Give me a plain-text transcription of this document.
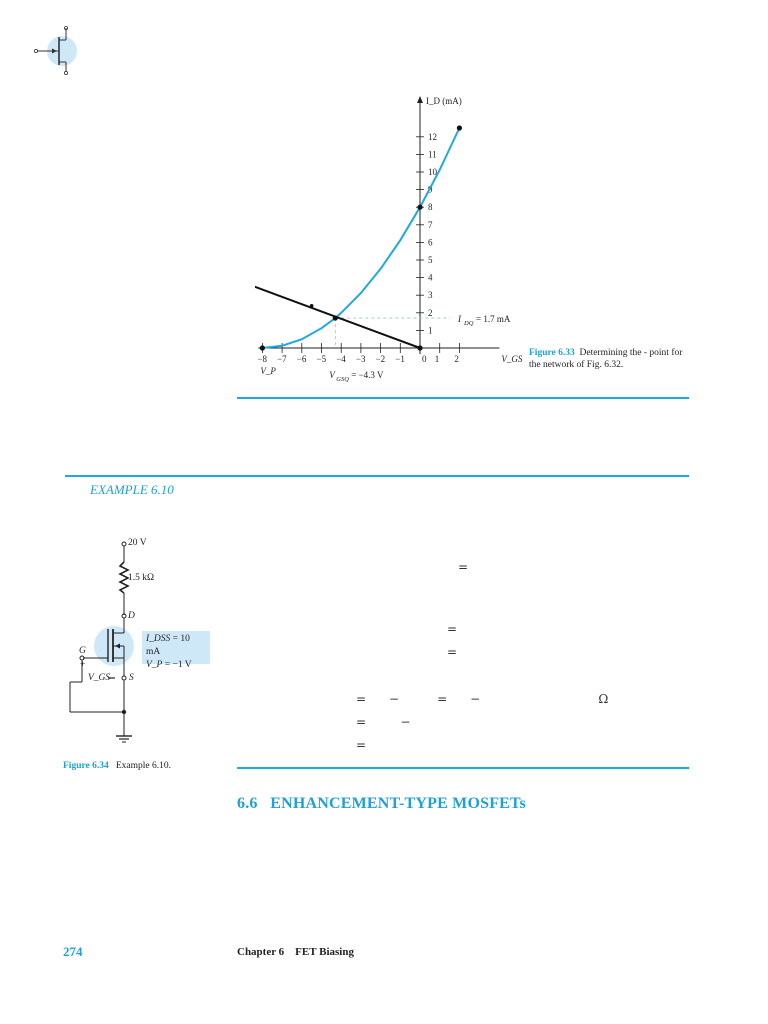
−8 −7 −6 −5 −4 −3 −2 −1 0 1 2
1
2
3
4
5
6
7
8
9
10
11
12
I_D (mA)
V_GS
V_P
I DQ = 1.7 mA
V GSQ = −4.3 V
Figure 6.33 Determining the - point for the network of Fig. 6.32.
EXAMPLE 6.10
20 V
1.5 kΩ
D
G
+
V_GS S
I_DSS = 10 mA
V_P = −1 V
Figure 6.34 Example 6.10.
=
=
=
=      −          =      −                               Ω
=         −
=
6.6 ENHANCEMENT-TYPE MOSFETs
274	Chapter 6    FET Biasing
